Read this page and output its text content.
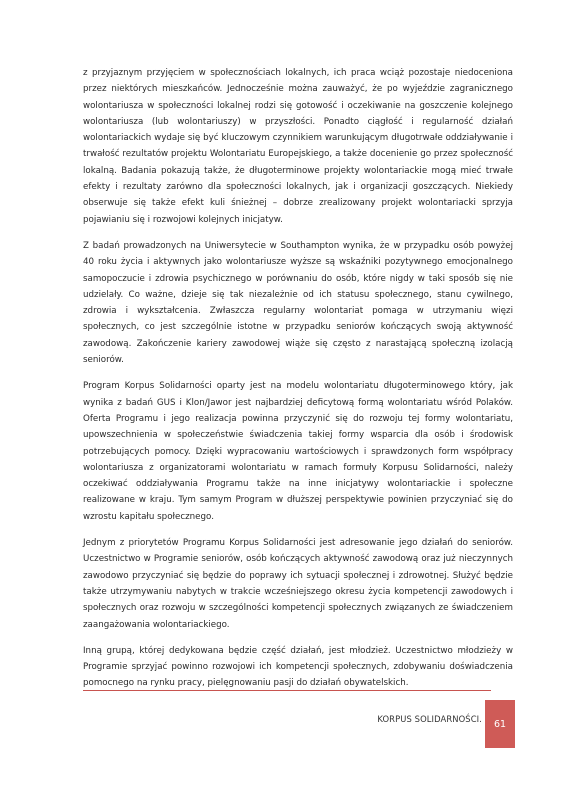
z przyjaznym przyjęciem w społecznościach lokalnych, ich praca wciąż pozostaje niedoceniona przez niektórych mieszkańców. Jednocześnie można zauważyć, że po wyjeździe zagranicznego wolontariusza w społeczności lokalnej rodzi się gotowość i oczekiwanie na goszczenie kolejnego wolontariusza (lub wolontariuszy) w przyszłości. Ponadto ciągłość i regularność działań wolontariackich wydaje się być kluczowym czynnikiem warunkującym długotrwałe oddziaływanie i trwałość rezultatów projektu Wolontariatu Europejskiego, a także docenienie go przez społeczność lokalną. Badania pokazują także, że długoterminowe projekty wolontariackie mogą mieć trwałe efekty i rezultaty zarówno dla społeczności lokalnych, jak i organizacji goszczących. Niekiedy obserwuje się także efekt kuli śnieżnej – dobrze zrealizowany projekt wolontariacki sprzyja pojawianiu się i rozwojowi kolejnych inicjatyw.

Z badań prowadzonych na Uniwersytecie w Southampton wynika, że w przypadku osób powyżej 40 roku życia i aktywnych jako wolontariusze wyższe są wskaźniki pozytywnego emocjonalnego samopoczucie i zdrowia psychicznego w porównaniu do osób, które nigdy w taki sposób się nie udzielały. Co ważne, dzieje się tak niezależnie od ich statusu społecznego, stanu cywilnego, zdrowia i wykształcenia. Zwłaszcza regularny wolontariat pomaga w utrzymaniu więzi społecznych, co jest szczególnie istotne w przypadku seniorów kończących swoją aktywność zawodową. Zakończenie kariery zawodowej wiąże się często z narastającą społeczną izolacją seniorów.

Program Korpus Solidarności oparty jest na modelu wolontariatu długoterminowego który, jak wynika z badań GUS i Klon/Jawor jest najbardziej deficytową formą wolontariatu wśród Polaków. Oferta Programu i jego realizacja powinna przyczynić się do rozwoju tej formy wolontariatu, upowszechnienia w społeczeństwie świadczenia takiej formy wsparcia dla osób i środowisk potrzebujących pomocy. Dzięki wypracowaniu wartościowych i sprawdzonych form współpracy wolontariusza z organizatorami wolontariatu w ramach formuły Korpusu Solidarności, należy oczekiwać oddziaływania Programu także na inne inicjatywy wolontariackie i społeczne realizowane w kraju. Tym samym Program w dłuższej perspektywie powinien przyczyniać się do wzrostu kapitału społecznego.

Jednym z priorytetów Programu Korpus Solidarności jest adresowanie jego działań do seniorów. Uczestnictwo w Programie seniorów, osób kończących aktywność zawodową oraz już nieczynnych zawodowo przyczyniać się będzie do poprawy ich sytuacji społecznej i zdrowotnej. Służyć będzie także utrzymywaniu nabytych w trakcie wcześniejszego okresu życia kompetencji zawodowych i społecznych oraz rozwoju w szczególności kompetencji społecznych związanych ze świadczeniem zaangażowania wolontariackiego.

Inną grupą, której dedykowana będzie część działań, jest młodzież. Uczestnictwo młodzieży w Programie sprzyjać powinno rozwojowi ich kompetencji społecznych, zdobywaniu doświadczenia pomocnego na rynku pracy, pielęgnowaniu pasji do działań obywatelskich.

KORPUS SOLIDARNOŚCI. 61
